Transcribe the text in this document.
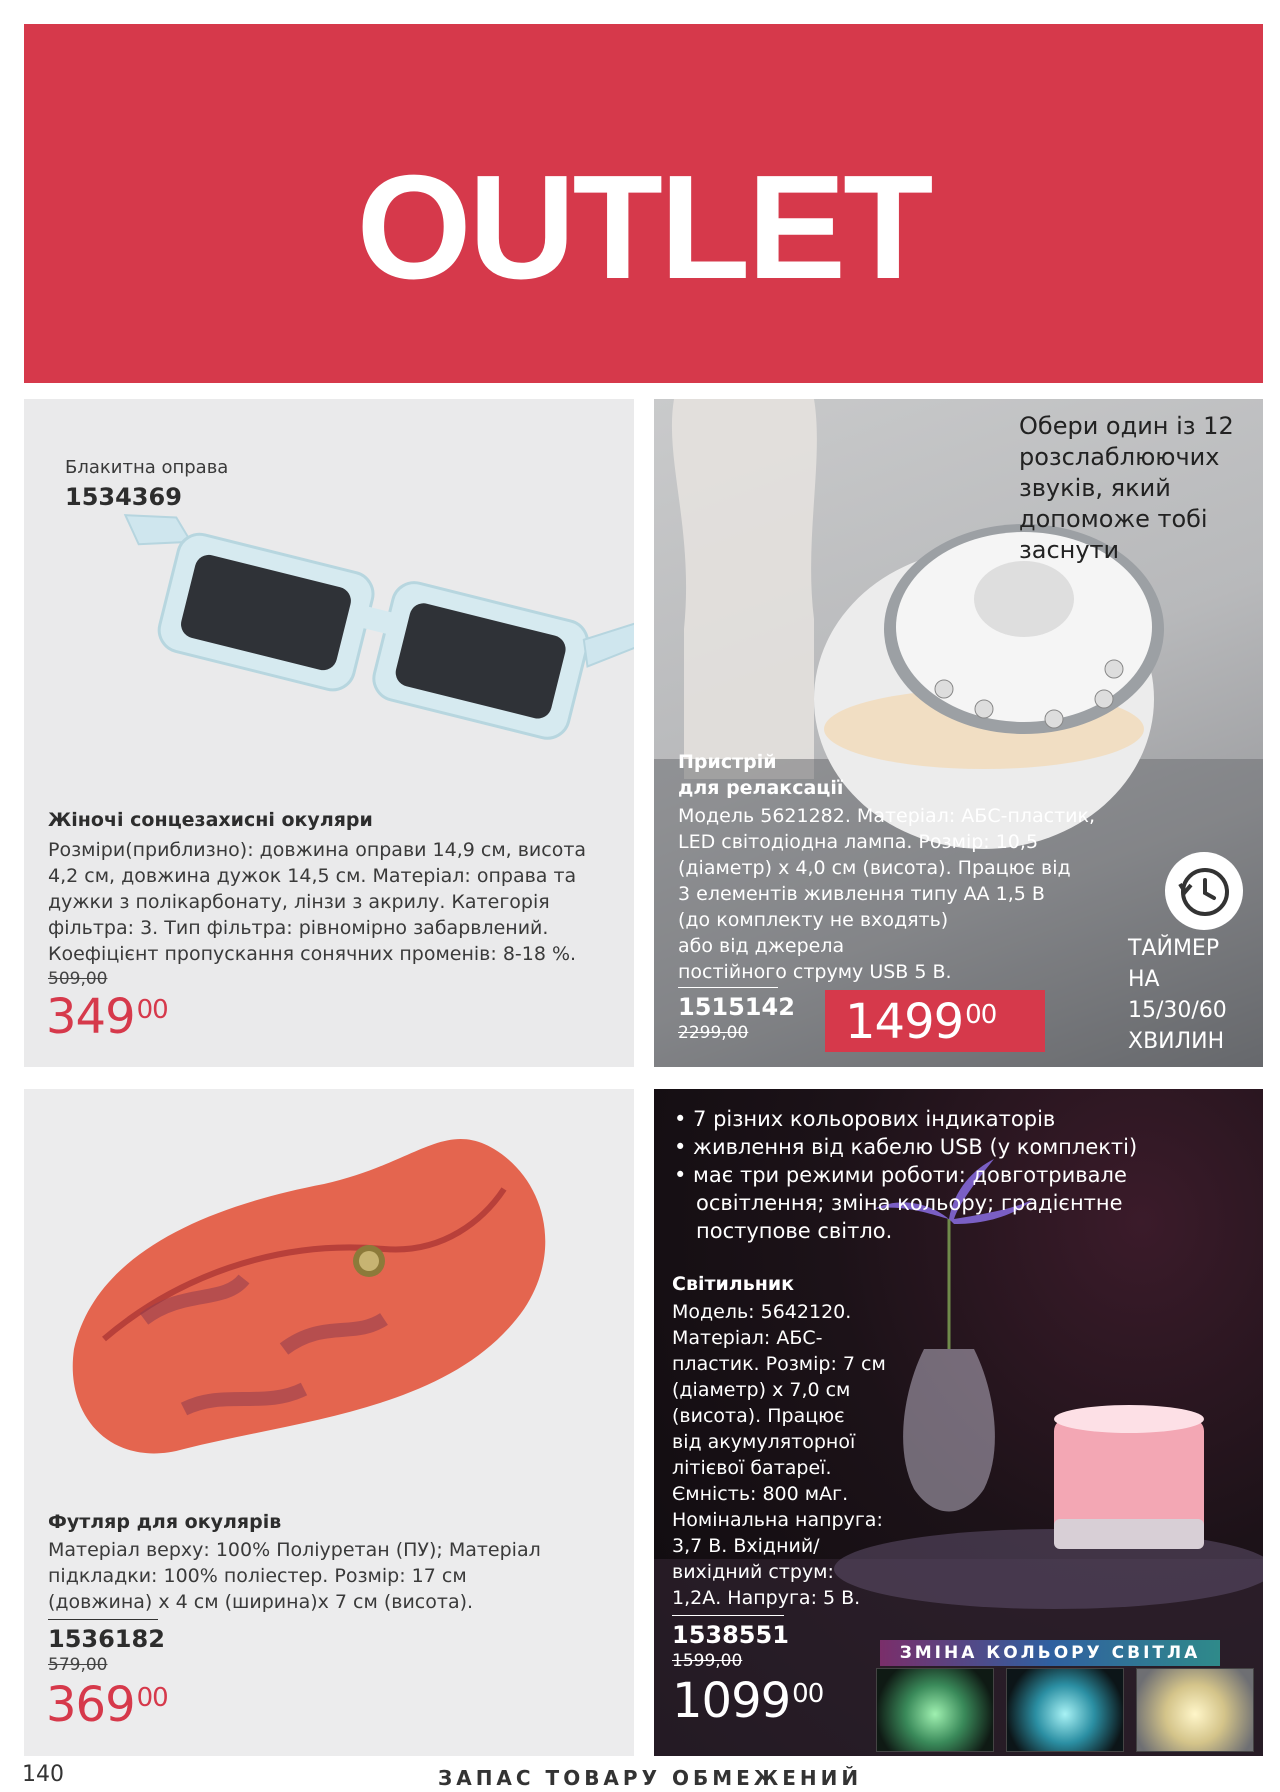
OUTLET
Блакитна оправа
1534369
Жіночі сонцезахисні окуляри
Розміри(приблизно): довжина оправи 14,9 см, висота
4,2 см, довжина дужок 14,5 см. Матеріал: оправа та
дужки з полікарбонату, лінзи з акрилу. Категорія
фільтра: 3. Тип фільтра: рівномірно забарвлений.
Коефіцієнт пропускання сонячних променів: 8-18 %.
509,00
$349^{00}$
Обери один із 12
розслаблюючих
звуків, який
допоможе тобі
заснути
Пристрій
для релаксації
Модель 5621282. Матеріал: АБС-пластик,
LED світодіодна лампа. Розмір: 10,5
(діаметр) х 4,0 см (висота). Працює від
3 елементів живлення типу АА 1,5 В
(до комплекту не входять)
або від джерела
постійного струму USB 5 В.
1515142
2299,00
ТАЙМЕР
НА
15/30/60
ХВИЛИН
1499$^{00}$
Футляр для окулярів
Матеріал верху: 100% Поліуретан (ПУ); Матеріал
підкладки: 100% поліестер. Розмір: 17 см
(довжина) х 4 см (ширина)х 7 см (висота).
1536182
579,00
$369^{00}$
• 7 різних кольорових індикаторів
• живлення від кабелю USB (у комплекті)
• має три режими роботи: довготривале
освітлення; зміна кольору; градієнтне
поступове світло.
Світильник
Модель: 5642120.
Матеріал: АБС-
пластик. Розмір: 7 см
(діаметр) х 7,0 см
(висота). Працює
від акумуляторної
літієвої батареї.
Ємність: 800 мАг.
Номінальна напруга:
3,7 В. Вхідний/
вихідний струм:
1,2А. Напруга: 5 В.
1538551
1599,00
1099$^{00}$
ЗМІНА КОЛЬОРУ СВІТЛА
140	ЗАПАС ТОВАРУ ОБМЕЖЕНИЙ
